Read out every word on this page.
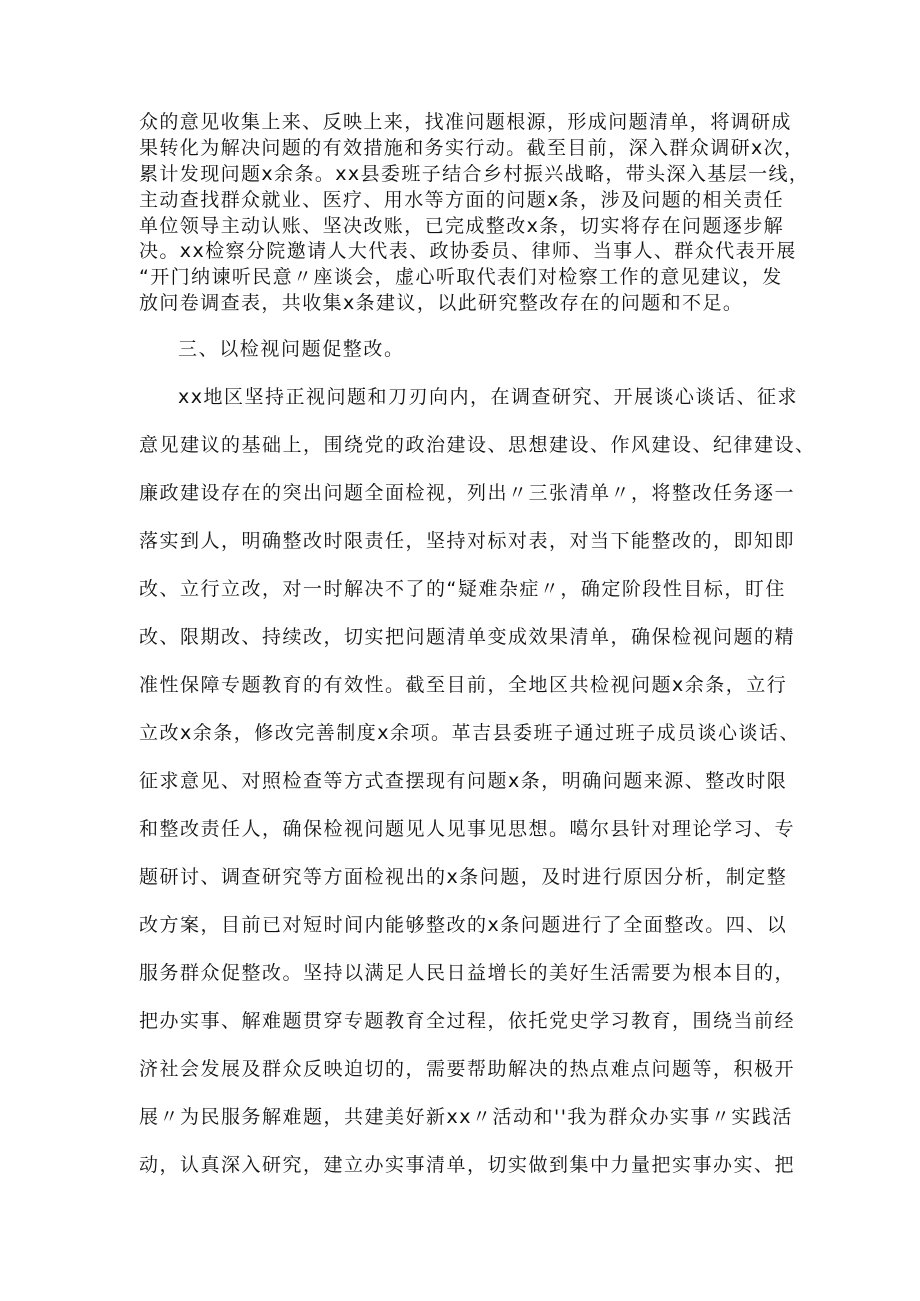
众的意见收集上来、反映上来，找准问题根源，形成问题清单，将调研成

果转化为解决问题的有效措施和务实行动。截至目前，深入群众调研x次，

累计发现问题x余条。xx县委班子结合乡村振兴战略，带头深入基层一线，

主动查找群众就业、医疗、用水等方面的问题x条，涉及问题的相关责任

单位领导主动认账、坚决改账，已完成整改x条，切实将存在问题逐步解

决。xx检察分院邀请人大代表、政协委员、律师、当事人、群众代表开展

“开门纳谏听民意〃座谈会，虚心听取代表们对检察工作的意见建议，发

放问卷调查表，共收集x条建议，以此研究整改存在的问题和不足。

三、以检视问题促整改。

xx地区坚持正视问题和刀刃向内，在调查研究、开展谈心谈话、征求

意见建议的基础上，围绕党的政治建设、思想建设、作风建设、纪律建设、

廉政建设存在的突出问题全面检视，列出〃三张清单〃，将整改任务逐一

落实到人，明确整改时限责任，坚持对标对表，对当下能整改的，即知即

改、立行立改，对一时解决不了的“疑难杂症〃，确定阶段性目标，盯住

改、限期改、持续改，切实把问题清单变成效果清单，确保检视问题的精

准性保障专题教育的有效性。截至目前，全地区共检视问题x余条，立行

立改x余条，修改完善制度x余项。革吉县委班子通过班子成员谈心谈话、

征求意见、对照检查等方式查摆现有问题x条，明确问题来源、整改时限

和整改责任人，确保检视问题见人见事见思想。噶尔县针对理论学习、专

题研讨、调查研究等方面检视出的x条问题，及时进行原因分析，制定整

改方案，目前已对短时间内能够整改的x条问题进行了全面整改。四、以

服务群众促整改。坚持以满足人民日益增长的美好生活需要为根本目的，

把办实事、解难题贯穿专题教育全过程，依托党史学习教育，围绕当前经

济社会发展及群众反映迫切的，需要帮助解决的热点难点问题等，积极开

展〃为民服务解难题，共建美好新xx〃活动和''我为群众办实事〃实践活

动，认真深入研究，建立办实事清单，切实做到集中力量把实事办实、把
